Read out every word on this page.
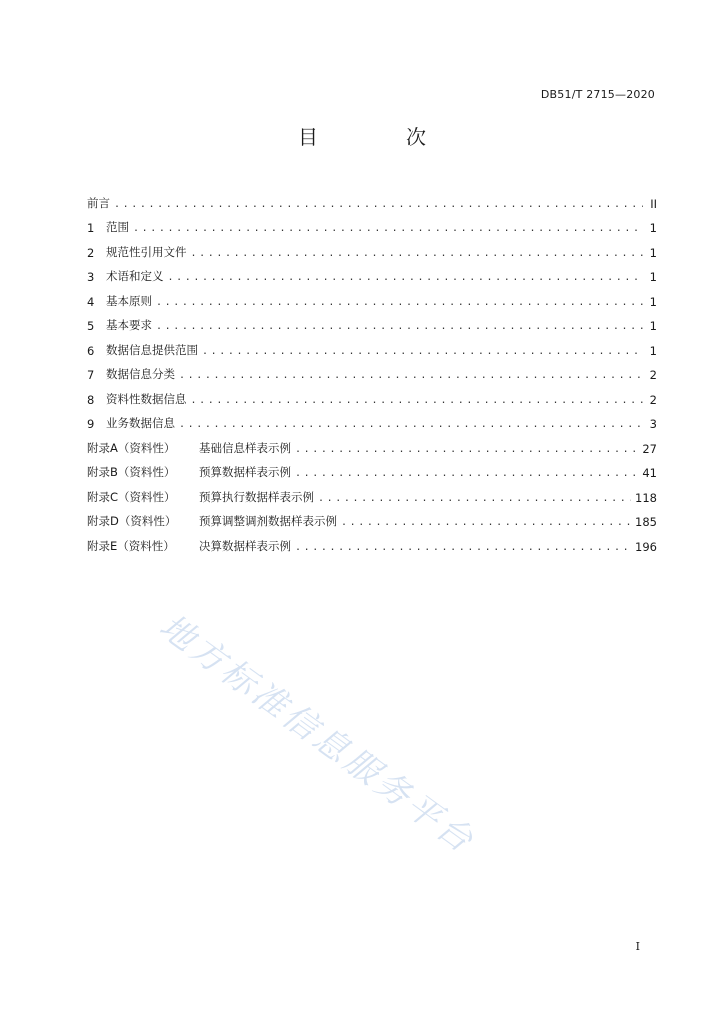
DB51/T 2715—2020
目　次
前言 .....	II
1	范围 .....	1
2	规范性引用文件 .....	1
3	术语和定义 .....	1
4	基本原则 .....	1
5	基本要求 .....	1
6	数据信息提供范围 .....	1
7	数据信息分类 .....	2
8	资料性数据信息 .....	2
9	业务数据信息 .....	3
附录A（资料性）	基础信息样表示例 .....	27
附录B（资料性）	预算数据样表示例 .....	41
附录C（资料性）	预算执行数据样表示例 .....	118
附录D（资料性）	预算调整调剂数据样表示例 .....	185
附录E（资料性）	决算数据样表示例 .....	196
地方标准信息服务平台
I
